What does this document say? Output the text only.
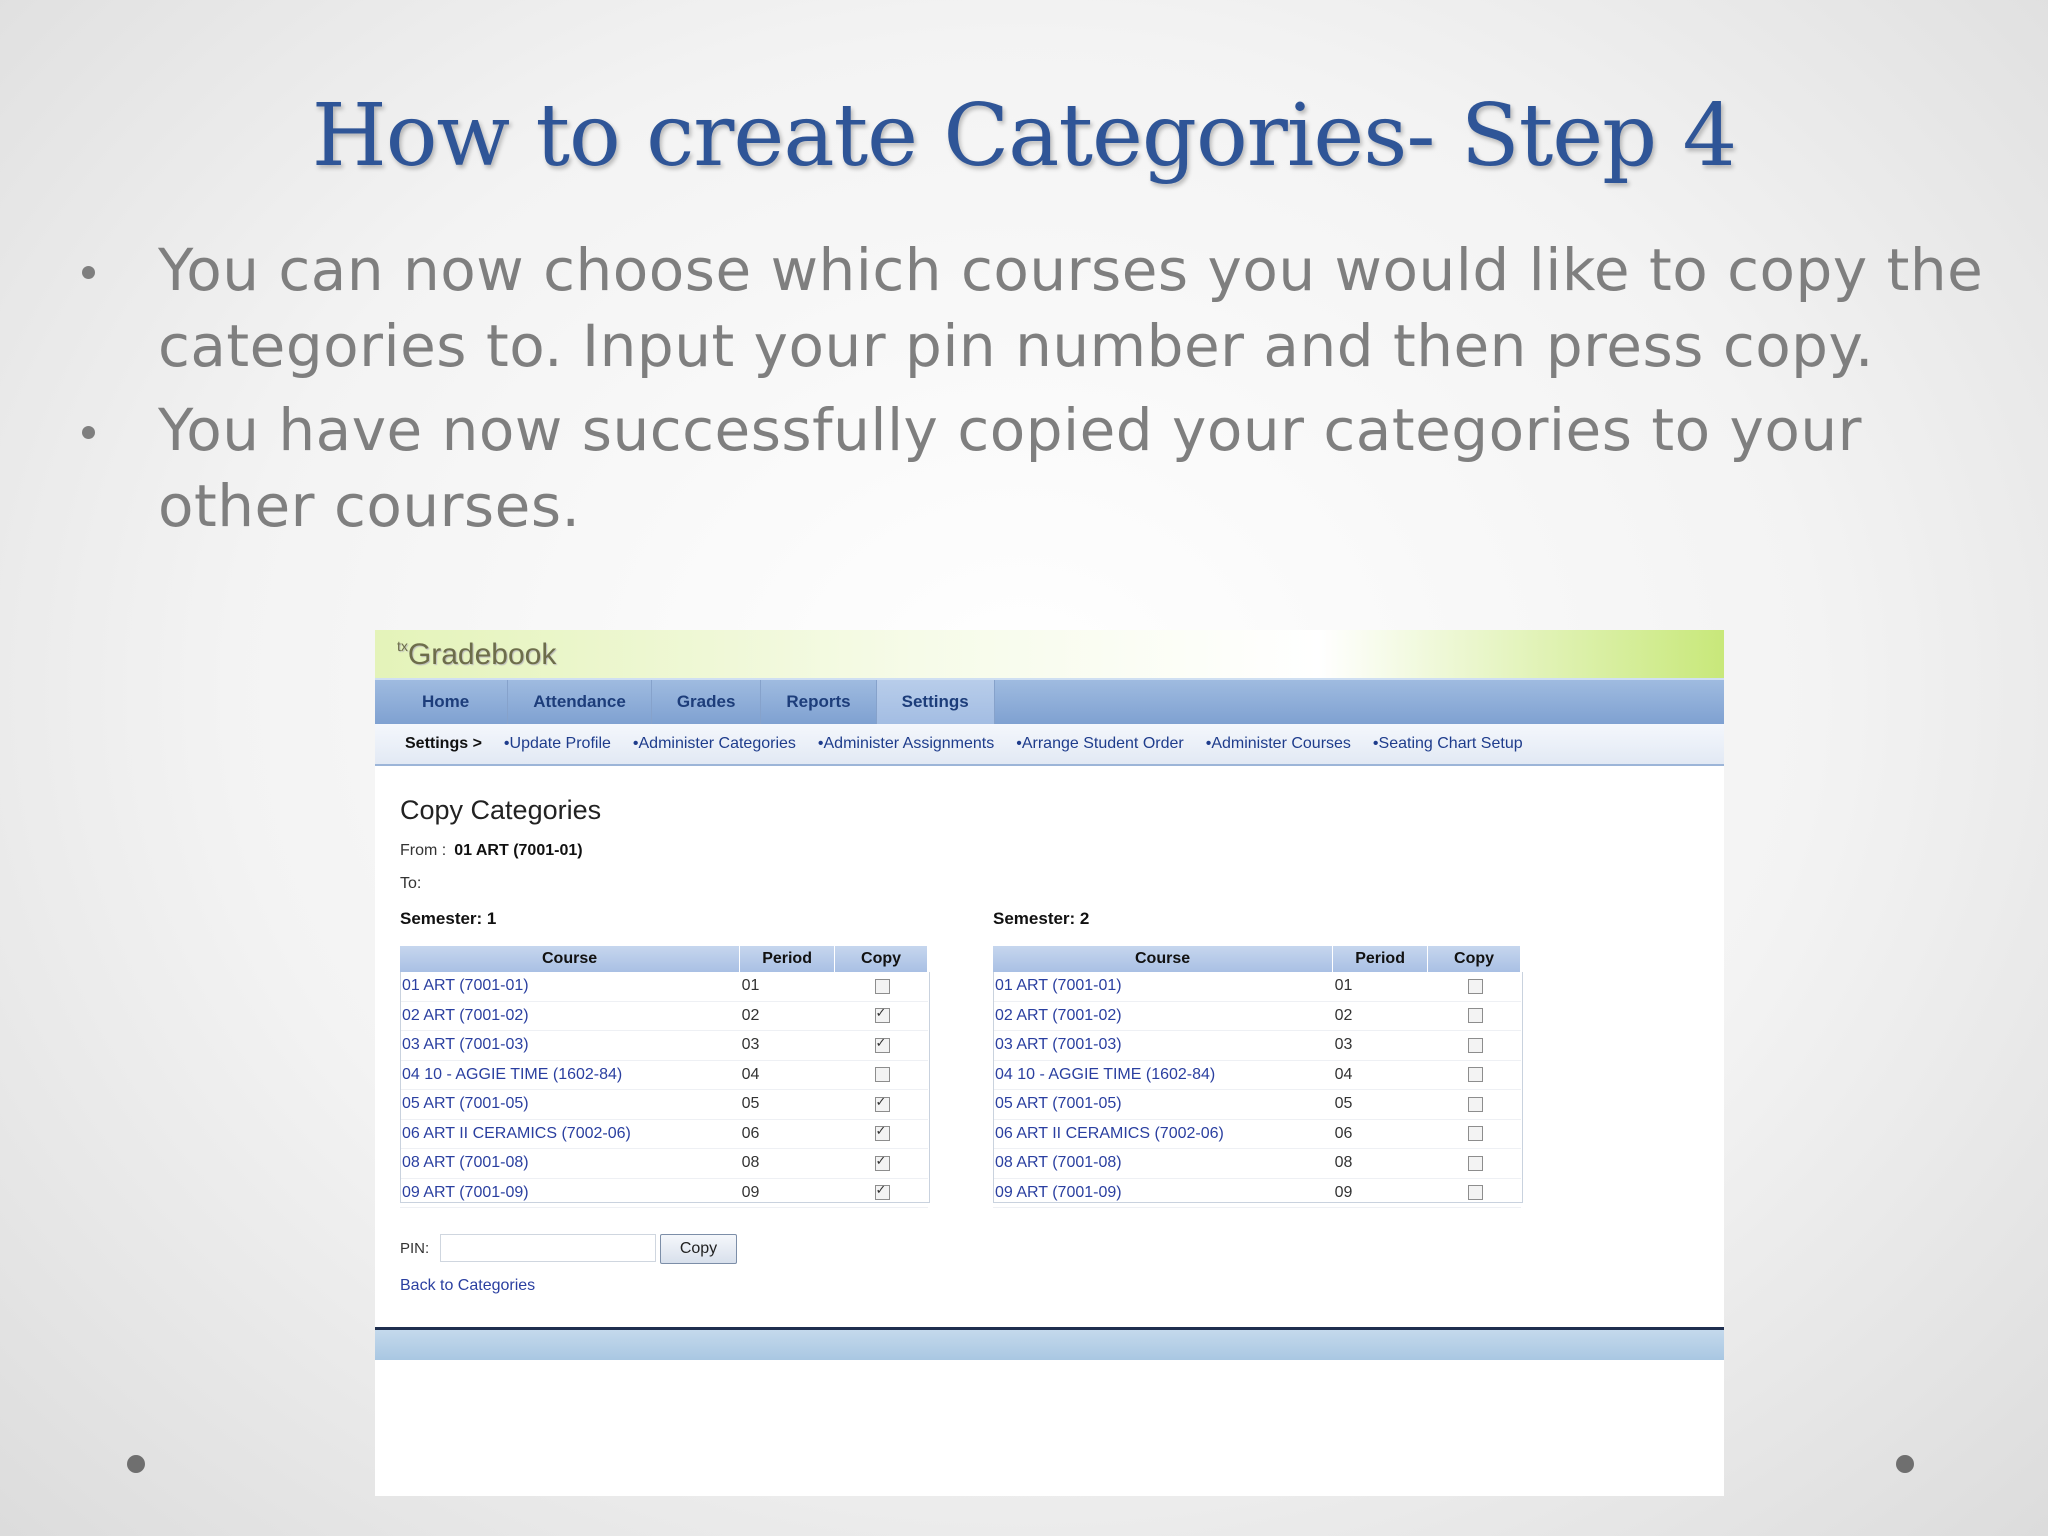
How to create Categories- Step 4
You can now choose which courses you would like to copy the categories to. Input your pin number and then press copy.
You have now successfully copied your categories to your other courses.
$^{tx}$Gradebook
Home	Attendance	Grades	Reports	Settings
Settings > •Update Profile •Administer Categories •Administer Assignments •Arrange Student Order •Administer Courses •Seating Chart Setup
Copy Categories
From : 01 ART (7001-01)
To:
Semester: 1	Semester: 2
Course	Period	Copy
01 ART (7001-01)	01	
02 ART (7001-02)	02	✓
03 ART (7001-03)	03	✓
04 10 - AGGIE TIME (1602-84)	04	
05 ART (7001-05)	05	✓
06 ART II CERAMICS (7002-06)	06	✓
08 ART (7001-08)	08	✓
09 ART (7001-09)	09	✓
Course	Period	Copy
01 ART (7001-01)	01	
02 ART (7001-02)	02	
03 ART (7001-03)	03	
04 10 - AGGIE TIME (1602-84)	04	
05 ART (7001-05)	05	
06 ART II CERAMICS (7002-06)	06	
08 ART (7001-08)	08	
09 ART (7001-09)	09	
PIN:	Copy
Back to Categories
